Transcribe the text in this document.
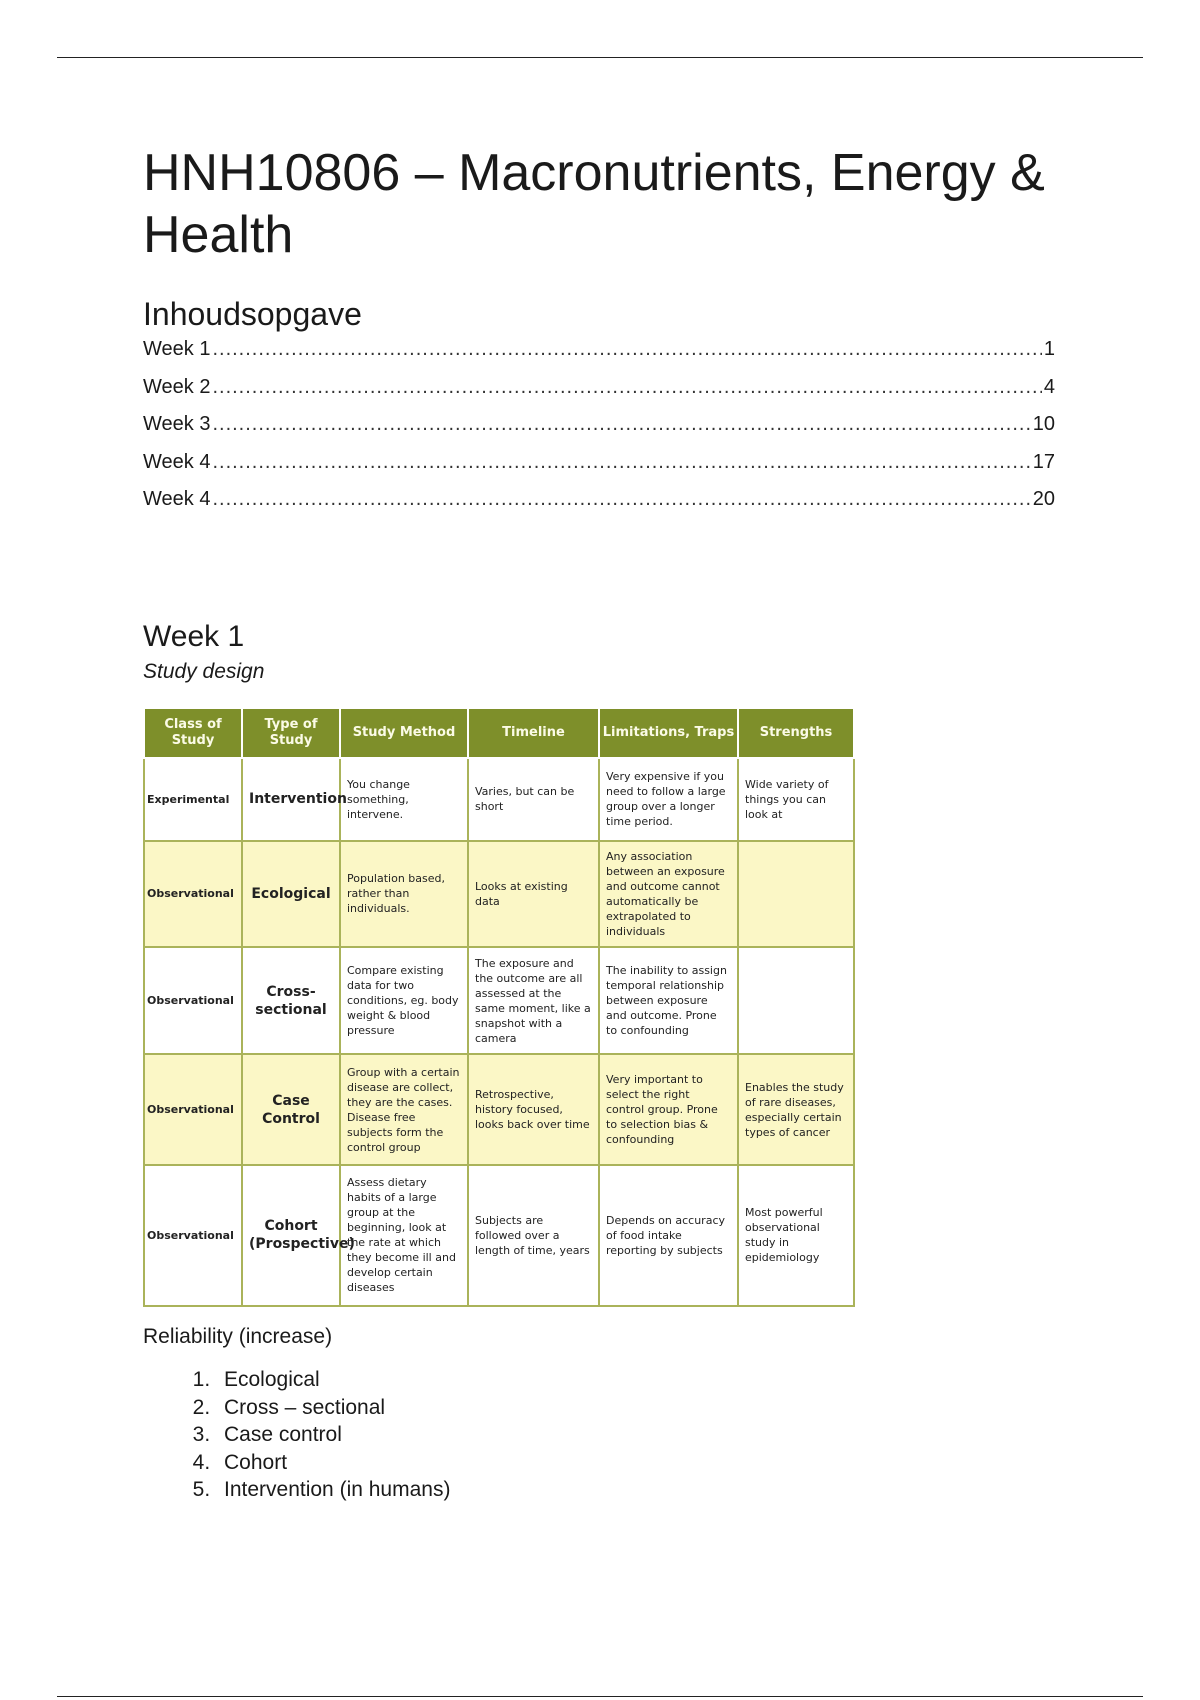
HNH10806 – Macronutrients, Energy & Health
Inhoudsopgave
Week 1 .....	1
Week 2 .....	4
Week 3 .....	10
Week 4 .....	17
Week 4 .....	20
Week 1
Study design
Class of Study	Type of Study	Study Method	Timeline	Limitations, Traps	Strengths
Experimental	Intervention	You change something, intervene.	Varies, but can be short	Very expensive if you need to follow a large group over a longer time period.	Wide variety of things you can look at
Observational	Ecological	Population based, rather than individuals.	Looks at existing data	Any association between an exposure and outcome cannot automatically be extrapolated to individuals	
Observational	Cross-sectional	Compare existing data for two conditions, eg. body weight & blood pressure	The exposure and the outcome are all assessed at the same moment, like a snapshot with a camera	The inability to assign temporal relationship between exposure and outcome. Prone to confounding	
Observational	Case Control	Group with a certain disease are collect, they are the cases. Disease free subjects form the control group	Retrospective, history focused, looks back over time	Very important to select the right control group. Prone to selection bias & confounding	Enables the study of rare diseases, especially certain types of cancer
Observational	Cohort (Prospective)	Assess dietary habits of a large group at the beginning, look at the rate at which they become ill and develop certain diseases	Subjects are followed over a length of time, years	Depends on accuracy of food intake reporting by subjects	Most powerful observational study in epidemiology

Reliability (increase)

1. Ecological
2. Cross – sectional
3. Case control
4. Cohort
5. Intervention (in humans)
